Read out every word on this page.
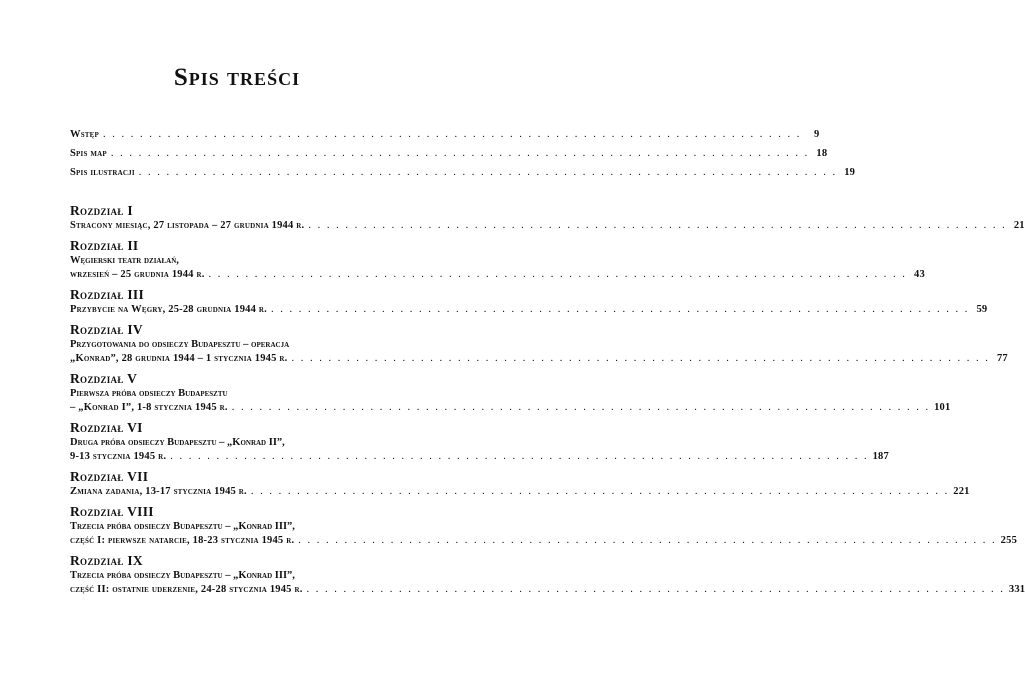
Spis treści
Wstęp . . . . . . . . . . . . . . . . . . . . . . . . . . . . . . . . . . . . . . . . . . . . . . . . . . . . . . . . . . . . . . . . . . . . . . . . . . . .	9
Spis map . . . . . . . . . . . . . . . . . . . . . . . . . . . . . . . . . . . . . . . . . . . . . . . . . . . . . . . . . . . . . . . . . . . . . . . . . . . . 18
Spis ilustracji . . . . . . . . . . . . . . . . . . . . . . . . . . . . . . . . . . . . . . . . . . . . . . . . . . . . . . . . . . . . . . . . . . . . . . . . . . . . 19
Rozdział I
Stracony miesiąc, 27 listopada – 27 grudnia 1944 r. . . . . . . . . . . . . . . . . . . . . . . . . . . . . . . . . . . . . . . . . . . . . . . . . . . . . . . . . . . . . . . . . . . . . . . . . . . . . 21
Rozdział II
Węgierski teatr działań,
wrzesień – 25 grudnia 1944 r. . . . . . . . . . . . . . . . . . . . . . . . . . . . . . . . . . . . . . . . . . . . . . . . . . . . . . . . . . . . . . . . . . . . . . . . . . . . . 43
Rozdział III
Przybycie na Węgry, 25-28 grudnia 1944 r. . . . . . . . . . . . . . . . . . . . . . . . . . . . . . . . . . . . . . . . . . . . . . . . . . . . . . . . . . . . . . . . . . . . . . . . . . . . . 59
Rozdział IV
Przygotowania do odsieczy Budapesztu – operacja
„Konrad”, 28 grudnia 1944 – 1 stycznia 1945 r. . . . . . . . . . . . . . . . . . . . . . . . . . . . . . . . . . . . . . . . . . . . . . . . . . . . . . . . . . . . . . . . . . . . . . . . . . . . . 77
Rozdział V
Pierwsza próba odsieczy Budapesztu
– „Konrad I”, 1-8 stycznia 1945 r. . . . . . . . . . . . . . . . . . . . . . . . . . . . . . . . . . . . . . . . . . . . . . . . . . . . . . . . . . . . . . . . . . . . . . . . . . . . . 101
Rozdział VI
Druga próba odsieczy Budapesztu – „Konrad II”,
9-13 stycznia 1945 r. . . . . . . . . . . . . . . . . . . . . . . . . . . . . . . . . . . . . . . . . . . . . . . . . . . . . . . . . . . . . . . . . . . . . . . . . . . . . 187
Rozdział VII
Zmiana zadania, 13-17 stycznia 1945 r. . . . . . . . . . . . . . . . . . . . . . . . . . . . . . . . . . . . . . . . . . . . . . . . . . . . . . . . . . . . . . . . . . . . . . . . . . . . . 221
Rozdział VIII
Trzecia próba odsieczy Budapesztu – „Konrad III”,
część I: pierwsze natarcie, 18-23 stycznia 1945 r. . . . . . . . . . . . . . . . . . . . . . . . . . . . . . . . . . . . . . . . . . . . . . . . . . . . . . . . . . . . . . . . . . . . . . . . . . . . . 255
Rozdział IX
Trzecia próba odsieczy Budapesztu – „Konrad III”,
część II: ostatnie uderzenie, 24-28 stycznia 1945 r. . . . . . . . . . . . . . . . . . . . . . . . . . . . . . . . . . . . . . . . . . . . . . . . . . . . . . . . . . . . . . . . . . . . . . . . . . . . . 331
